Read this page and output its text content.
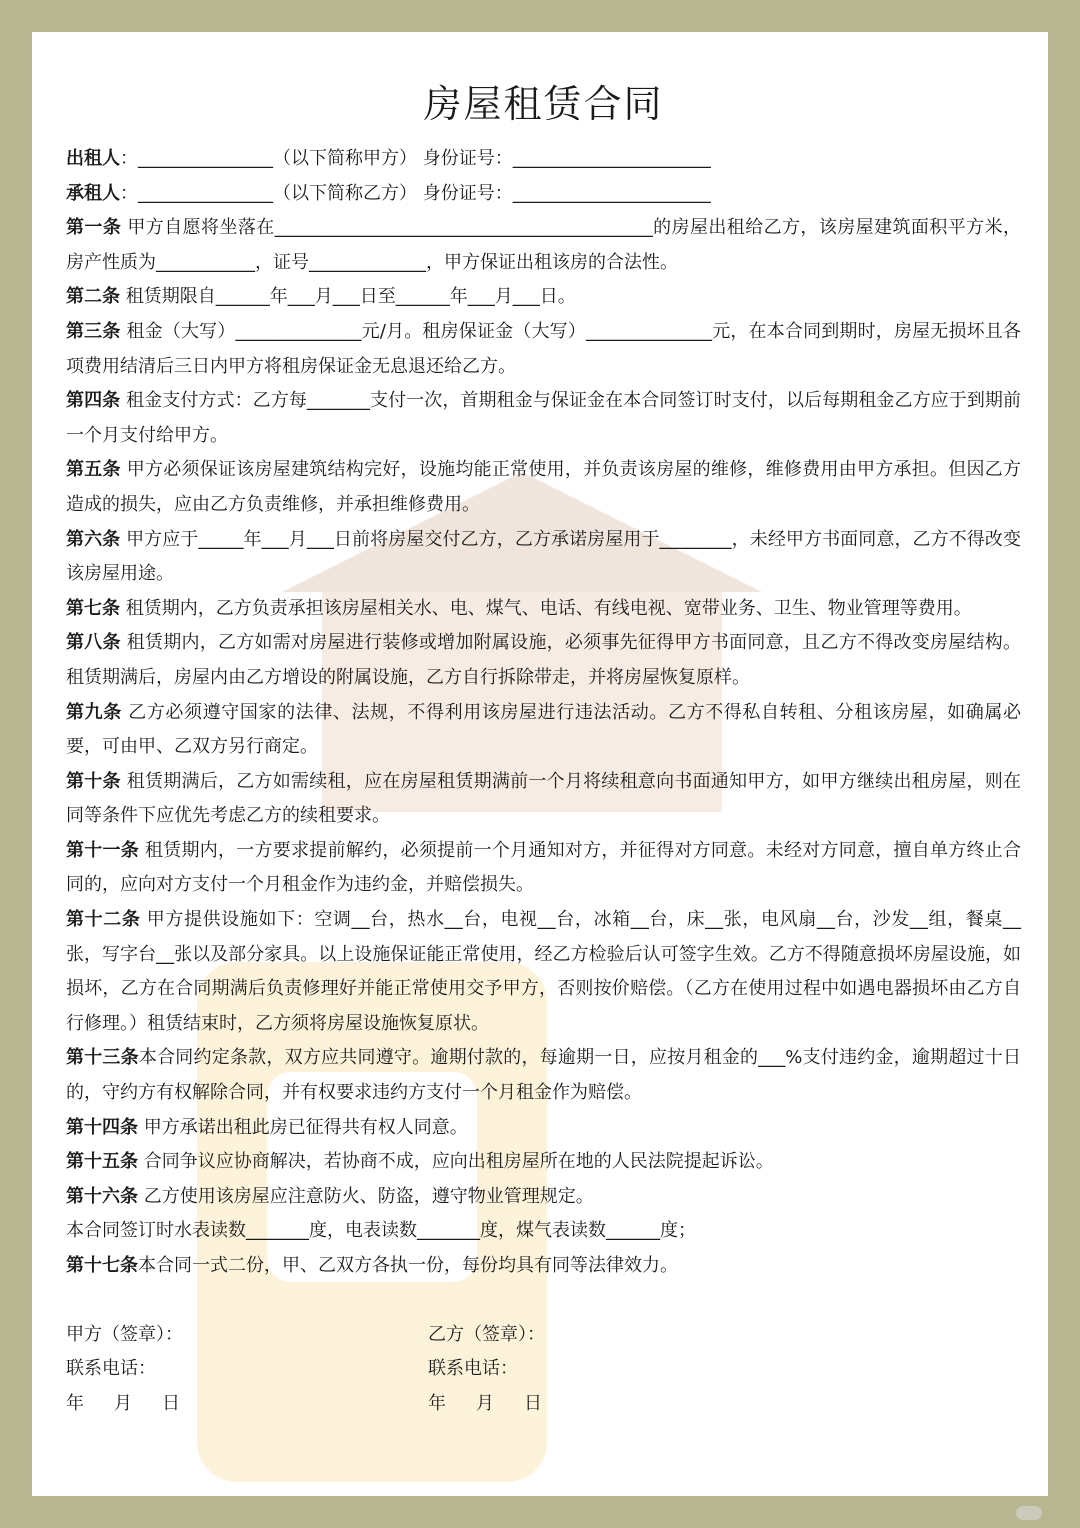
房屋租赁合同
出租人：_______________（以下简称甲方） 身份证号：______________________
承租人：_______________（以下简称乙方） 身份证号：______________________
第一条 甲方自愿将坐落在__________________________________________的房屋出租给乙方，该房屋建筑面积平方米，房产性质为___________，证号_____________，甲方保证出租该房的合法性。
第二条 租赁期限自______年___月___日至______年___月___日。
第三条 租金（大写）______________元/月。租房保证金（大写）______________元，在本合同到期时，房屋无损坏且各项费用结清后三日内甲方将租房保证金无息退还给乙方。
第四条 租金支付方式：乙方每_______支付一次，首期租金与保证金在本合同签订时支付，以后每期租金乙方应于到期前一个月支付给甲方。
第五条 甲方必须保证该房屋建筑结构完好，设施均能正常使用，并负责该房屋的维修，维修费用由甲方承担。但因乙方造成的损失，应由乙方负责维修，并承担维修费用。
第六条 甲方应于_____年___月___日前将房屋交付乙方，乙方承诺房屋用于________，未经甲方书面同意，乙方不得改变该房屋用途。
第七条 租赁期内，乙方负责承担该房屋相关水、电、煤气、电话、有线电视、宽带业务、卫生、物业管理等费用。
第八条 租赁期内，乙方如需对房屋进行装修或增加附属设施，必须事先征得甲方书面同意，且乙方不得改变房屋结构。租赁期满后，房屋内由乙方增设的附属设施，乙方自行拆除带走，并将房屋恢复原样。
第九条 乙方必须遵守国家的法律、法规，不得利用该房屋进行违法活动。乙方不得私自转租、分租该房屋，如确属必要，可由甲、乙双方另行商定。
第十条 租赁期满后，乙方如需续租，应在房屋租赁期满前一个月将续租意向书面通知甲方，如甲方继续出租房屋，则在同等条件下应优先考虑乙方的续租要求。
第十一条 租赁期内，一方要求提前解约，必须提前一个月通知对方，并征得对方同意。未经对方同意，擅自单方终止合同的，应向对方支付一个月租金作为违约金，并赔偿损失。
第十二条 甲方提供设施如下：空调__台，热水__台，电视__台，冰箱__台，床__张，电风扇__台，沙发__组，餐桌__张，写字台__张以及部分家具。以上设施保证能正常使用，经乙方检验后认可签字生效。乙方不得随意损坏房屋设施，如损坏，乙方在合同期满后负责修理好并能正常使用交予甲方，否则按价赔偿。（乙方在使用过程中如遇电器损坏由乙方自行修理。）租赁结束时，乙方须将房屋设施恢复原状。
第十三条本合同约定条款，双方应共同遵守。逾期付款的，每逾期一日，应按月租金的___%支付违约金，逾期超过十日的，守约方有权解除合同，并有权要求违约方支付一个月租金作为赔偿。
第十四条 甲方承诺出租此房已征得共有权人同意。
第十五条 合同争议应协商解决，若协商不成，应向出租房屋所在地的人民法院提起诉讼。
第十六条 乙方使用该房屋应注意防火、防盗，遵守物业管理规定。
本合同签订时水表读数_______度，电表读数_______度，煤气表读数______度；
第十七条本合同一式二份，甲、乙双方各执一份，每份均具有同等法律效力。
甲方（签章）：	乙方（签章）：
联系电话：	联系电话：
年 月 日	年 月 日
